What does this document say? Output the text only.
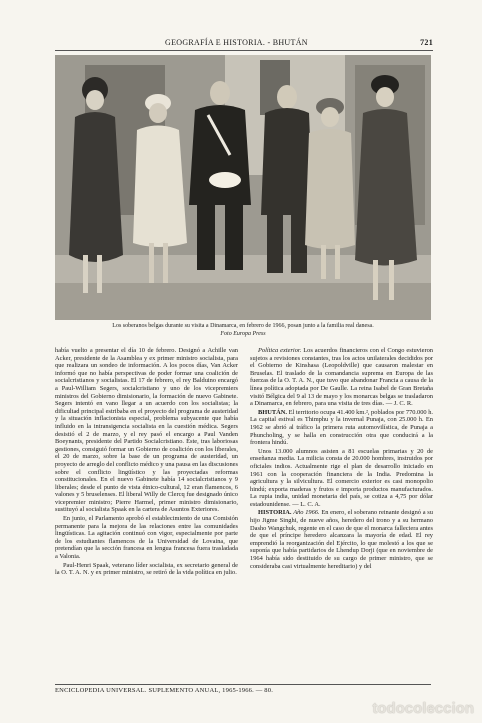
GEOGRAFÍA E HISTORIA. - BHUTÁN	721
Los soberanos belgas durante su visita a Dinamarca, en febrero de 1966, posan junto a la familia real danesa.
Foto Europa Press

había vuelto a presentar el día 10 de febrero. Designó a Achille van Acker, presidente de la Asamblea y ex primer ministro socialista, para que realizara un sondeo de información. A los pocos días, Van Acker informó que no había perspectivas de poder formar una coalición de socialcristianos y socialistas. El 17 de febrero, el rey Balduino encargó a Paul-William Segers, socialcristiano y uno de los vicepremiers ministros del Gobierno dimisionario, la formación de nuevo Gabinete. Segers intentó en vano llegar a un acuerdo con los socialistas; la dificultad principal estribaba en el proyecto del programa de austeridad y la situación inflacionista especial, problema subyacente que había influido en la intransigencia socialista en la cuestión médica. Segers desistió el 2 de marzo, y el rey pasó el encargo a Paul Vanden Boeynants, presidente del Partido Socialcristiano. Éste, tras laboriosas gestiones, consiguió formar un Gobierno de coalición con los liberales, el 20 de marzo, sobre la base de un programa de austeridad, un proyecto de arreglo del conflicto médico y una pausa en las discusiones sobre el conflicto lingüístico y las proyectadas reformas constitucionales. En el nuevo Gabinete había 14 socialcristianos y 9 liberales; desde el punto de vista étnico-cultural, 12 eran flamencos, 6 valones y 5 bruselenses. El liberal Willy de Clercq fue designado único vicepremier ministro; Pierre Harmel, primer ministro dimisionario, sustituyó al socialista Spaak en la cartera de Asuntos Exteriores.

En junio, el Parlamento aprobó el establecimiento de una Comisión permanente para la mejora de las relaciones entre las comunidades lingüísticas. La agitación continuó con vigor, especialmente por parte de los estudiantes flamencos de la Universidad de Lovaina, que pretendían que la sección francesa en lengua francesa fuera trasladada a Valonia.

Paul-Henri Spaak, veterano líder socialista, ex secretario general de la O. T. A. N. y ex primer ministro, se retiró de la vida política en julio.

Política exterior. Los acuerdos financieros con el Congo estuvieron sujetos a revisiones constantes, tras los actos unilaterales decididos por el Gobierno de Kinshasa (Leopoldville) que causaron malestar en Bruselas. El traslado de la comandancia suprema en Europa de las fuerzas de la O. T. A. N., que tuvo que abandonar Francia a causa de la línea política adoptada por De Gaulle. La reina Isabel de Gran Bretaña visitó Bélgica del 9 al 13 de mayo y los monarcas belgas se trasladaron a Dinamarca, en febrero, para una visita de tres días. — J. C. R.

BHUTÁN. El territorio ocupa 41.400 km.², poblados por 770.000 h. La capital estival es Thimphu y la invernal Punaja, con 25.000 h. En 1962 se abrió al tráfico la primera ruta automovilística, de Punaja a Phuncholing, y se halla en construcción otra que conducirá a la frontera hindú.

Unos 13.000 alumnos asisten a 81 escuelas primarias y 20 de enseñanza media. La milicia consta de 20.000 hombres, instruidos por oficiales indios. Actualmente rige el plan de desarrollo iniciado en 1961 con la cooperación financiera de la India. Predomina la agricultura y la silvicultura. El comercio exterior es casi monopolio hindú; exporta maderas y frutos e importa productos manufacturados. La rupia india, unidad monetaria del país, se cotiza a 4,75 por dólar estadounidense. — L. C. A.

HISTORIA. Año 1966. En enero, el soberano reinante designó a su hijo Jigme Singhi, de nueve años, heredero del trono y a su hermano Dasho Wangchuk, regente en el caso de que el monarca falleciera antes de que el príncipe heredero alcanzara la mayoría de edad. El rey emprendió la reorganización del Ejército, lo que molestó a los que se suponía que había partidarios de Lhendup Dorji (que en noviembre de 1964 había sido destituido de su cargo de primer ministro, que se consideraba casi virtualmente hereditario) y del

ENCICLOPEDIA UNIVERSAL. SUPLEMENTO ANUAL, 1965-1966. — 80.
todocoleccion
